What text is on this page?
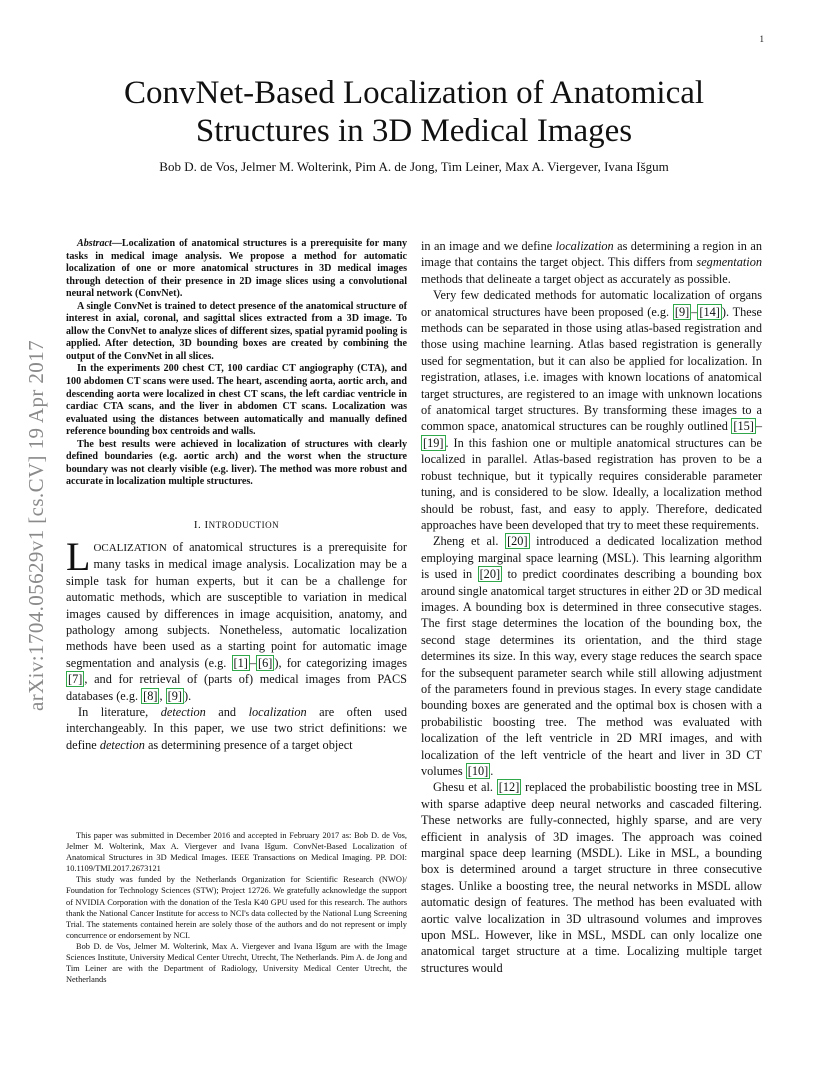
1
arXiv:1704.05629v1 [cs.CV] 19 Apr 2017
ConvNet-Based Localization of Anatomical
Structures in 3D Medical Images
Bob D. de Vos, Jelmer M. Wolterink, Pim A. de Jong, Tim Leiner, Max A. Viergever, Ivana Išgum

Abstract—Localization of anatomical structures is a prerequisite for many tasks in medical image analysis. We propose a method for automatic localization of one or more anatomical structures in 3D medical images through detection of their presence in 2D image slices using a convolutional neural network (ConvNet).

A single ConvNet is trained to detect presence of the anatomical structure of interest in axial, coronal, and sagittal slices extracted from a 3D image. To allow the ConvNet to analyze slices of different sizes, spatial pyramid pooling is applied. After detection, 3D bounding boxes are created by combining the output of the ConvNet in all slices.

In the experiments 200 chest CT, 100 cardiac CT angiography (CTA), and 100 abdomen CT scans were used. The heart, ascending aorta, aortic arch, and descending aorta were localized in chest CT scans, the left cardiac ventricle in cardiac CTA scans, and the liver in abdomen CT scans. Localization was evaluated using the distances between automatically and manually defined reference bounding box centroids and walls.

The best results were achieved in localization of structures with clearly defined boundaries (e.g. aortic arch) and the worst when the structure boundary was not clearly visible (e.g. liver). The method was more robust and accurate in localization multiple structures.

I. INTRODUCTION

LOCALIZATION of anatomical structures is a prerequisite for many tasks in medical image analysis. Localization may be a simple task for human experts, but it can be a challenge for automatic methods, which are susceptible to variation in medical images caused by differences in image acquisition, anatomy, and pathology among subjects. Nonetheless, automatic localization methods have been used as a starting point for automatic image segmentation and analysis (e.g. [1] – [6] ), for categorizing images [7] , and for retrieval of (parts of) medical images from PACS databases (e.g. [8] , [9] ).

In literature, detection and localization are often used interchangeably. In this paper, we use two strict definitions: we define detection as determining presence of a target object

This paper was submitted in December 2016 and accepted in February 2017 as: Bob D. de Vos, Jelmer M. Wolterink, Max A. Viergever and Ivana Išgum. ConvNet-Based Localization of Anatomical Structures in 3D Medical Images. IEEE Transactions on Medical Imaging. PP. DOI: 10.1109/TMI.2017.2673121

This study was funded by the Netherlands Organization for Scientific Research (NWO)/ Foundation for Technology Sciences (STW); Project 12726. We gratefully acknowledge the support of NVIDIA Corporation with the donation of the Tesla K40 GPU used for this research. The authors thank the National Cancer Institute for access to NCI's data collected by the National Lung Screening Trial. The statements contained herein are solely those of the authors and do not represent or imply concurrence or endorsement by NCI.

Bob D. de Vos, Jelmer M. Wolterink, Max A. Viergever and Ivana Išgum are with the Image Sciences Institute, University Medical Center Utrecht, Utrecht, The Netherlands. Pim A. de Jong and Tim Leiner are with the Department of Radiology, University Medical Center Utrecht, the Netherlands

in an image and we define localization as determining a region in an image that contains the target object. This differs from segmentation methods that delineate a target object as accurately as possible.

Very few dedicated methods for automatic localization of organs or anatomical structures have been proposed (e.g. [9] – [14] ). These methods can be separated in those using atlas-based registration and those using machine learning. Atlas based registration is generally used for segmentation, but it can also be applied for localization. In registration, atlases, i.e. images with known locations of anatomical target structures, are registered to an image with unknown locations of anatomical target structures. By transforming these images to a common space, anatomical structures can be roughly outlined [15] –[19] . In this fashion one or multiple anatomical structures can be localized in parallel. Atlas-based registration has proven to be a robust technique, but it typically requires considerable parameter tuning, and is considered to be slow. Ideally, a localization method should be robust, fast, and easy to apply. Therefore, dedicated approaches have been developed that try to meet these requirements.

Zheng et al. [20] introduced a dedicated localization method employing marginal space learning (MSL). This learning algorithm is used in [20] to predict coordinates describing a bounding box around single anatomical target structures in either 2D or 3D medical images. A bounding box is determined in three consecutive stages. The first stage determines the location of the bounding box, the second stage determines its orientation, and the third stage determines its size. In this way, every stage reduces the search space for the subsequent parameter search while still allowing adjustment of the parameters found in previous stages. In every stage candidate bounding boxes are generated and the optimal box is chosen with a probabilistic boosting tree. The method was evaluated with localization of the left ventricle in 2D MRI images, and with localization of the left ventricle of the heart and liver in 3D CT volumes [10] .

Ghesu et al. [12] replaced the probabilistic boosting tree in MSL with sparse adaptive deep neural networks and cascaded filtering. These networks are fully-connected, highly sparse, and are very efficient in analysis of 3D images. The approach was coined marginal space deep learning (MSDL). Like in MSL, a bounding box is determined around a target structure in three consecutive stages. Unlike a boosting tree, the neural networks in MSDL allow automatic design of features. The method has been evaluated with aortic valve localization in 3D ultrasound volumes and improves upon MSL. However, like in MSL, MSDL can only localize one anatomical target structure at a time. Localizing multiple target structures would
